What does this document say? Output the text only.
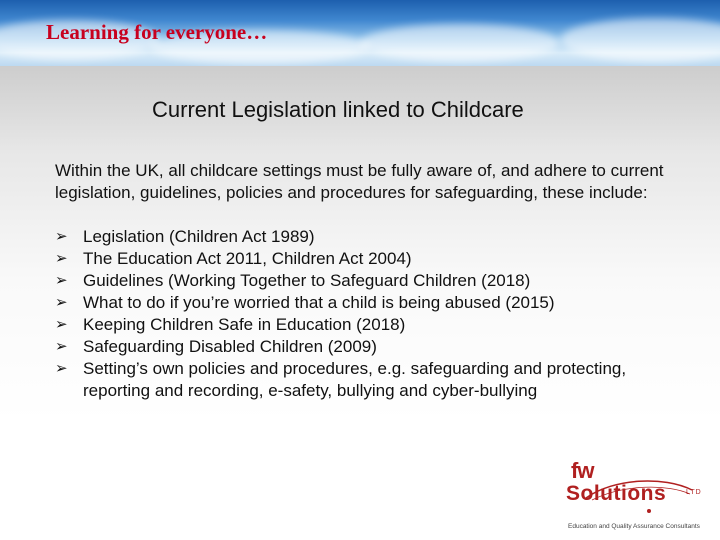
Learning for everyone…
Current Legislation linked to Childcare

Within the UK, all childcare settings must be fully aware of, and adhere to current legislation, guidelines, policies and procedures for safeguarding, these include:

➢ Legislation (Children Act 1989)
➢ The Education Act 2011, Children Act 2004)
➢ Guidelines (Working Together to Safeguard Children (2018)
➢ What to do if you’re worried that a child is being abused (2015)
➢ Keeping Children Safe in Education (2018)
➢ Safeguarding Disabled Children (2009)
➢ Setting’s own policies and procedures, e.g. safeguarding and protecting, reporting and recording, e-safety, bullying and cyber-bullying
fw
Solutions	LTD
Education and Quality Assurance Consultants
